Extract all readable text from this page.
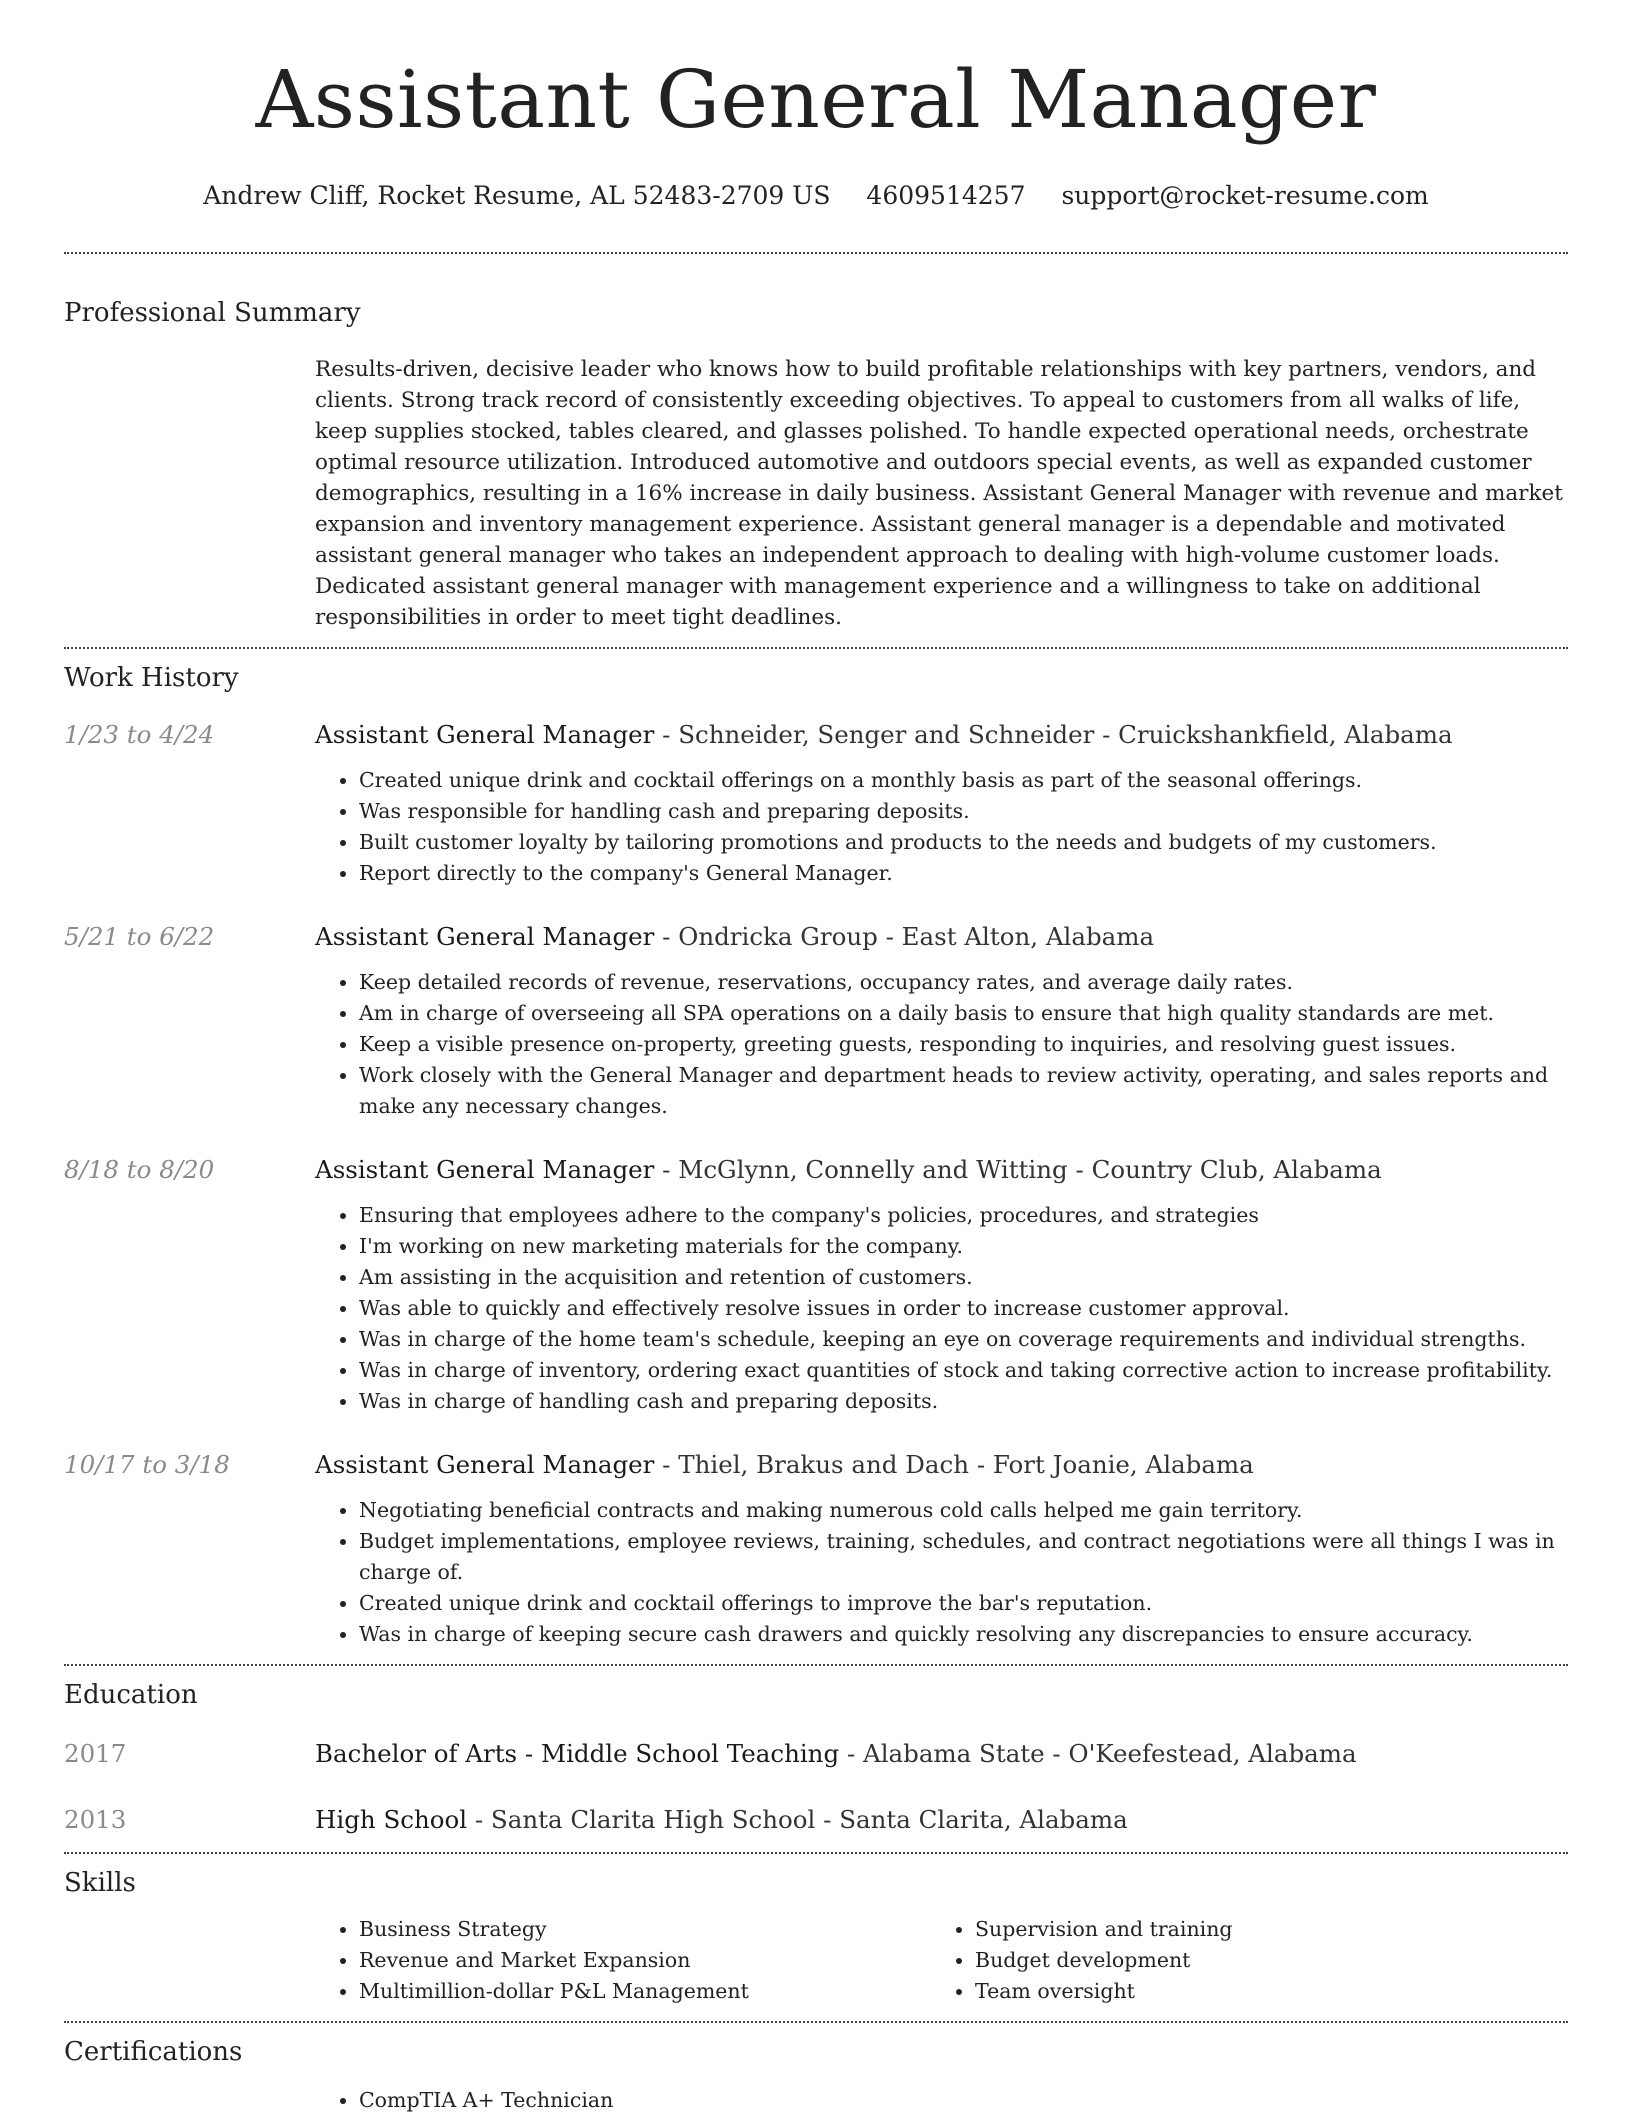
Assistant General Manager
Andrew Cliff, Rocket Resume, AL 52483-2709 US 4609514257 support@rocket-resume.com
Professional Summary
Results-driven, decisive leader who knows how to build profitable relationships with key partners, vendors, and clients. Strong track record of consistently exceeding objectives. To appeal to customers from all walks of life, keep supplies stocked, tables cleared, and glasses polished. To handle expected operational needs, orchestrate optimal resource utilization. Introduced automotive and outdoors special events, as well as expanded customer demographics, resulting in a 16% increase in daily business. Assistant General Manager with revenue and market expansion and inventory management experience. Assistant general manager is a dependable and motivated assistant general manager who takes an independent approach to dealing with high-volume customer loads. Dedicated assistant general manager with management experience and a willingness to take on additional responsibilities in order to meet tight deadlines.
Work History
1/23 to 4/24	Assistant General Manager - Schneider, Senger and Schneider - Cruickshankfield, Alabama

• Created unique drink and cocktail offerings on a monthly basis as part of the seasonal offerings.
• Was responsible for handling cash and preparing deposits.
• Built customer loyalty by tailoring promotions and products to the needs and budgets of my customers.
• Report directly to the company's General Manager.
5/21 to 6/22	Assistant General Manager - Ondricka Group - East Alton, Alabama

• Keep detailed records of revenue, reservations, occupancy rates, and average daily rates.
• Am in charge of overseeing all SPA operations on a daily basis to ensure that high quality standards are met.
• Keep a visible presence on-property, greeting guests, responding to inquiries, and resolving guest issues.
• Work closely with the General Manager and department heads to review activity, operating, and sales reports and make any necessary changes.
8/18 to 8/20	Assistant General Manager - McGlynn, Connelly and Witting - Country Club, Alabama

• Ensuring that employees adhere to the company's policies, procedures, and strategies
• I'm working on new marketing materials for the company.
• Am assisting in the acquisition and retention of customers.
• Was able to quickly and effectively resolve issues in order to increase customer approval.
• Was in charge of the home team's schedule, keeping an eye on coverage requirements and individual strengths.
• Was in charge of inventory, ordering exact quantities of stock and taking corrective action to increase profitability.
• Was in charge of handling cash and preparing deposits.
10/17 to 3/18	Assistant General Manager - Thiel, Brakus and Dach - Fort Joanie, Alabama

• Negotiating beneficial contracts and making numerous cold calls helped me gain territory.
• Budget implementations, employee reviews, training, schedules, and contract negotiations were all things I was in charge of.
• Created unique drink and cocktail offerings to improve the bar's reputation.
• Was in charge of keeping secure cash drawers and quickly resolving any discrepancies to ensure accuracy.
Education
2017	Bachelor of Arts - Middle School Teaching - Alabama State - O'Keefestead, Alabama

2013	High School - Santa Clarita High School - Santa Clarita, Alabama

Skills
• Business Strategy
• Revenue and Market Expansion
• Multimillion-dollar P&L Management
• Supervision and training
• Budget development
• Team oversight
Certifications
• CompTIA A+ Technician
